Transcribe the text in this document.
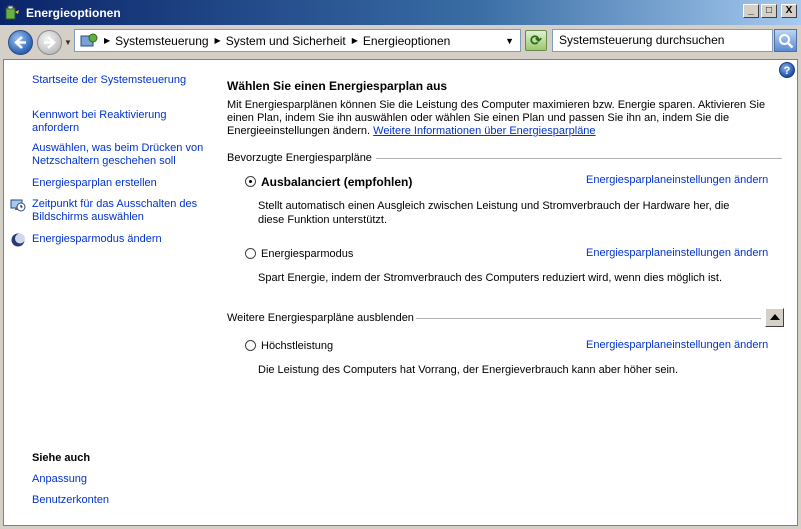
Energieoptionen	_	□	X
▼	▶ Systemsteuerung ▶ System und Sicherheit ▶ Energieoptionen	▼ ⟳	Systemsteuerung durchsuchen
?
Startseite der Systemsteuerung
Kennwort bei Reaktivierung anfordern
Auswählen, was beim Drücken von Netzschaltern geschehen soll
Energiesparplan erstellen
Zeitpunkt für das Ausschalten des Bildschirms auswählen
Energiesparmodus ändern
Siehe auch
Anpassung
Benutzerkonten
Wählen Sie einen Energiesparplan aus
Mit Energiesparplänen können Sie die Leistung des Computer maximieren bzw. Energie sparen. Aktivieren Sie einen Plan, indem Sie ihn auswählen oder wählen Sie einen Plan und passen Sie ihn an, indem Sie die Energieeinstellungen ändern. Weitere Informationen über Energiesparpläne
Bevorzugte Energiesparpläne
Ausbalanciert (empfohlen)	Energiesparplaneinstellungen ändern
Stellt automatisch einen Ausgleich zwischen Leistung und Stromverbrauch der Hardware her, die diese Funktion unterstützt.
Energiesparmodus	Energiesparplaneinstellungen ändern
Spart Energie, indem der Stromverbrauch des Computers reduziert wird, wenn dies möglich ist.
Weitere Energiesparpläne ausblenden
Höchstleistung	Energiesparplaneinstellungen ändern
Die Leistung des Computers hat Vorrang, der Energieverbrauch kann aber höher sein.
